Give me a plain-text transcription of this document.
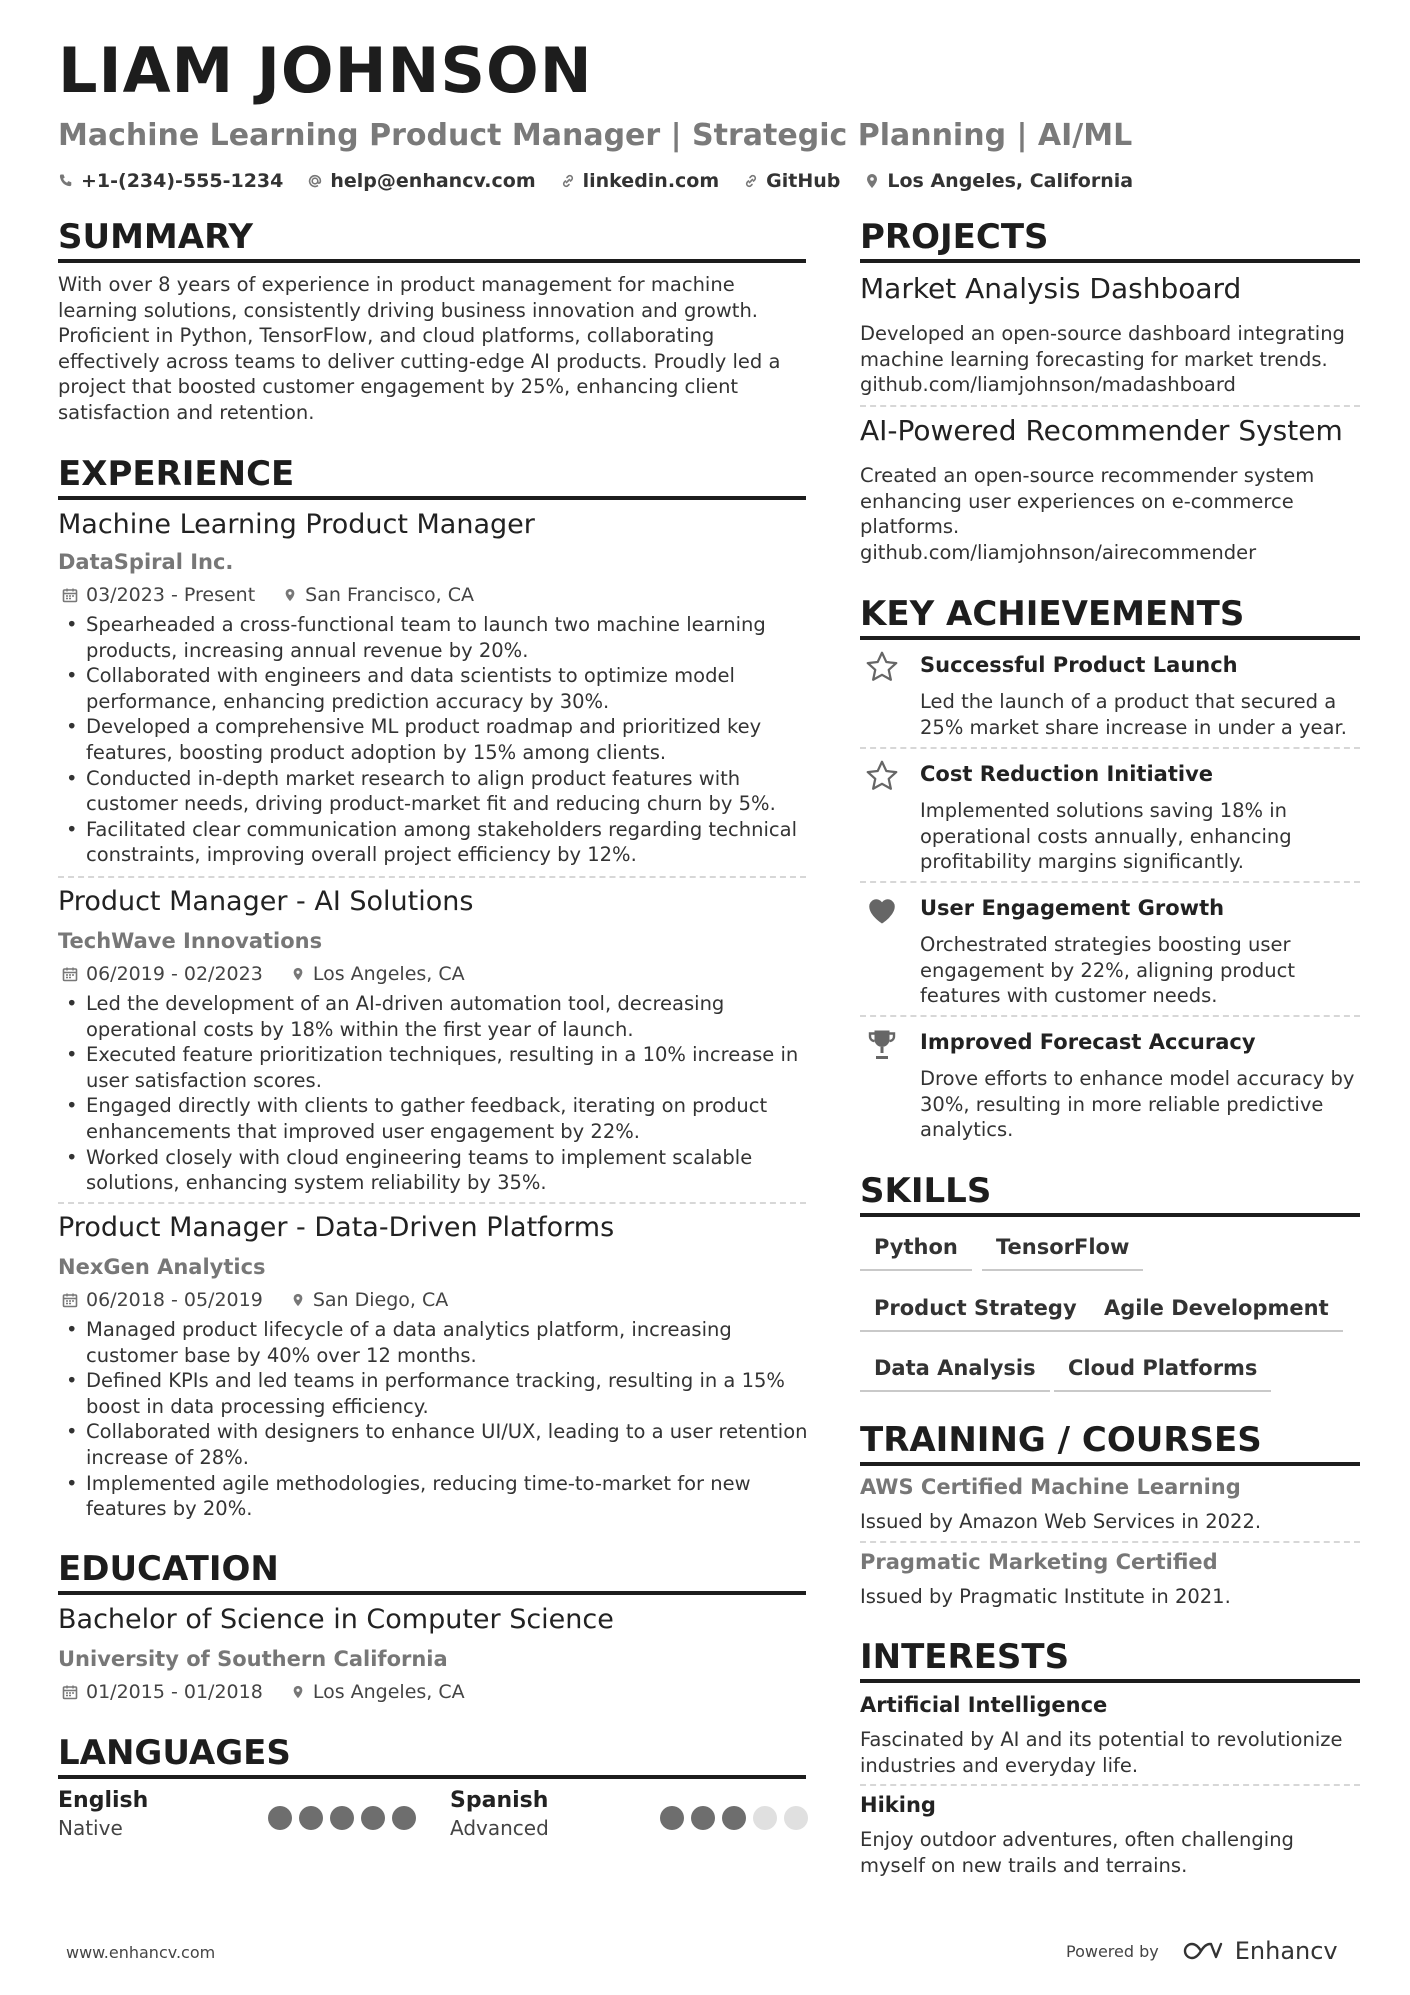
LIAM JOHNSON
Machine Learning Product Manager | Strategic Planning | AI/ML
+1-(234)-555-1234 help@enhancv.com linkedin.com GitHub Los Angeles, California
SUMMARY
With over 8 years of experience in product management for machine learning solutions, consistently driving business innovation and growth. Proficient in Python, TensorFlow, and cloud platforms, collaborating effectively across teams to deliver cutting-edge AI products. Proudly led a project that boosted customer engagement by 25%, enhancing client satisfaction and retention.
EXPERIENCE
Machine Learning Product Manager
DataSpiral Inc.
03/2023 - Present	San Francisco, CA
• Spearheaded a cross-functional team to launch two machine learning products, increasing annual revenue by 20%.
• Collaborated with engineers and data scientists to optimize model performance, enhancing prediction accuracy by 30%.
• Developed a comprehensive ML product roadmap and prioritized key features, boosting product adoption by 15% among clients.
• Conducted in-depth market research to align product features with customer needs, driving product-market fit and reducing churn by 5%.
• Facilitated clear communication among stakeholders regarding technical constraints, improving overall project efficiency by 12%.
Product Manager - AI Solutions
TechWave Innovations
06/2019 - 02/2023	Los Angeles, CA
• Led the development of an AI-driven automation tool, decreasing operational costs by 18% within the first year of launch.
• Executed feature prioritization techniques, resulting in a 10% increase in user satisfaction scores.
• Engaged directly with clients to gather feedback, iterating on product enhancements that improved user engagement by 22%.
• Worked closely with cloud engineering teams to implement scalable solutions, enhancing system reliability by 35%.
Product Manager - Data-Driven Platforms
NexGen Analytics
06/2018 - 05/2019	San Diego, CA
• Managed product lifecycle of a data analytics platform, increasing customer base by 40% over 12 months.
• Defined KPIs and led teams in performance tracking, resulting in a 15% boost in data processing efficiency.
• Collaborated with designers to enhance UI/UX, leading to a user retention increase of 28%.
• Implemented agile methodologies, reducing time-to-market for new features by 20%.
EDUCATION
Bachelor of Science in Computer Science
University of Southern California
01/2015 - 01/2018	Los Angeles, CA
LANGUAGES
English
Native
Spanish
Advanced
PROJECTS
Market Analysis Dashboard
Developed an open-source dashboard integrating machine learning forecasting for market trends.
github.com/liamjohnson/madashboard
AI-Powered Recommender System
Created an open-source recommender system enhancing user experiences on e-commerce platforms.
github.com/liamjohnson/airecommender
KEY ACHIEVEMENTS
Successful Product Launch
Led the launch of a product that secured a 25% market share increase in under a year.
Cost Reduction Initiative
Implemented solutions saving 18% in operational costs annually, enhancing profitability margins significantly.
User Engagement Growth
Orchestrated strategies boosting user engagement by 22%, aligning product features with customer needs.
Improved Forecast Accuracy
Drove efforts to enhance model accuracy by 30%, resulting in more reliable predictive analytics.
SKILLS
Python	TensorFlow
Product Strategy	Agile Development
Data Analysis	Cloud Platforms
TRAINING / COURSES
AWS Certified Machine Learning
Issued by Amazon Web Services in 2022.
Pragmatic Marketing Certified
Issued by Pragmatic Institute in 2021.
INTERESTS
Artificial Intelligence
Fascinated by AI and its potential to revolutionize industries and everyday life.
Hiking
Enjoy outdoor adventures, often challenging myself on new trails and terrains.
www.enhancv.com	Powered by	Enhancv
